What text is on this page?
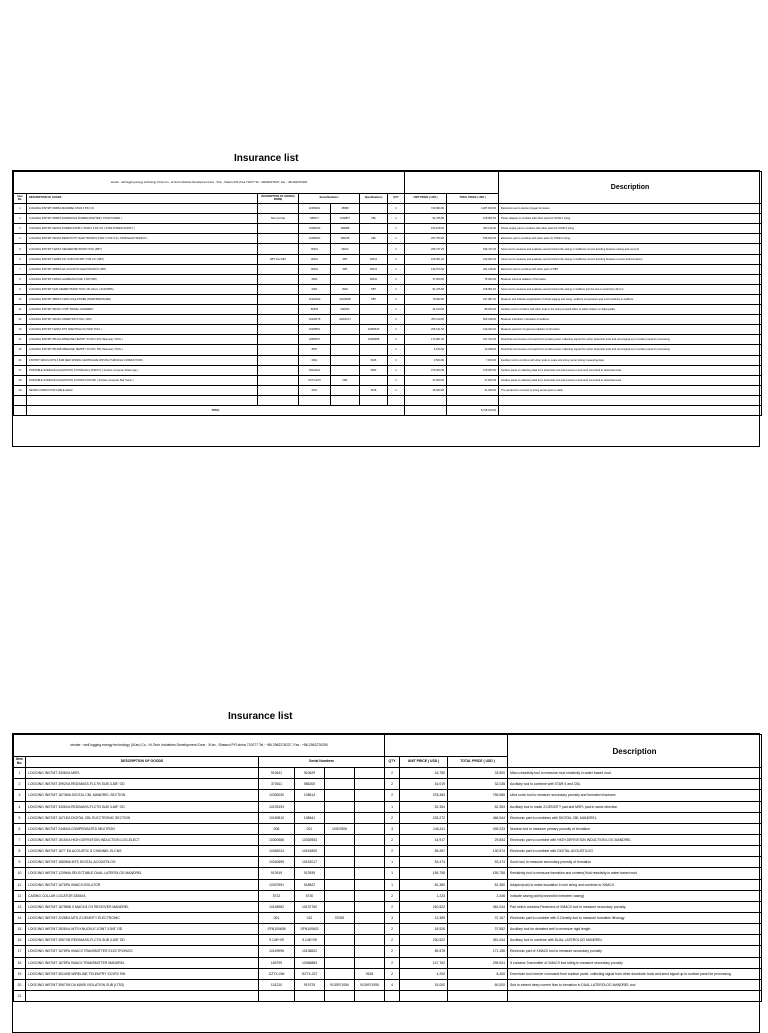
Insurance list
sender : well logging energy technology (Xi'an) Co., Hi-Tech Industries Development Zone , Xi'an , Shaanxi P.R.china 710077 Tel : +862962276227, Fax : +86-2962276290									Description
Item No.	DESCRIPTION OF GOODS	DESCRIPTION OF GOODS( PARM)	Serial Numbers		Specifications	QTY	UNIT PRICE ( USD )	TOTAL PRICE ( USD )	
1	LOGGING INSTMT 3308XA MANDREL STAR 3 5/8 O.D		10189031	38868		2	743,800.00	1,487,600.00	Resistivity tool to device (image) formation
2	LOGGING INSTMT 3308XA DOWNHOLE POWER ADAPTER ( STAR POWER )	Star tool Set	589077	1609877	CBL	2	54,475.80	108,951.60	Power adapter to combine with other parts for STAR II string
3	LOGGING INSTMT 3322XA POWER SUPPLY STAR II 3.63 O.D ( STAR POWER SUPPLY )		10185333	389088		2	150,108.00	300,216.00	Power supply part to combine with other parts for STAR II string
4	LOGGING INSTMT 3323XA RESISTIVITY ELECTRONICS STAR II 3.63 O.D ( STAR ELECTRONICS )		10185303	389078	CBL	2	267,750.00	535,500.00	Electronic part to combine with other parts for STAR II string
5	LOGGING INSTMT 1326XA SEGMENTED BOND TOOL (SBT)		09011	09012		2	269,737.20	539,474.40	Sonic tool to measure and evaluate cement behind the casing in wellbore( cement bonding between casing and cement)
6	LOGGING INSTMT 1328PA XXL SUB FOR SBT 3 5/8 O.D (SBT)	SBT Tool SET	09011	SBT	09012	2	106,951.20	213,902.40	Sonic tool to measure and evaluate cement behind the casing in wellbore( cement bonding between cement and formation)
7	LOGGING INSTMT 3308XA A/L ACOUSTIC ELECTRONICS (SBT)		09011	SBT	09012	2	130,574.00	261,148.00	Electronic part to combine with other parts of SBT
8	LOGGING INSTMT 1309XA GAMMA RAY(GR) 3 5/8 (SBT)		0803		08032	2	37,500.00	75,000.00	Measure Gamma radiation of formation
9	LOGGING INSTMT SLIM CEMENT BOND TOOL OD 43mm ( SLIM RBS)		0901	0902	SBT	2	54,475.80	108,951.60	Sonic tool to measure and evaluate cement behind the casing in wellbore just the tool is small size( 43mm)
10	LOGGING INSTMT 3985XA CWW HOLE PROBE (TEMP/PRESSURE)		10192299	10229538	SBT	2	78,993.60	157,987.20	Measure and indicate weight(load) of whole logging tool string, wellbore temperature and mud resistivity in wellbore
11	LOGGING INSTMT 3910XC 3 5/8" SWIVEL ASSEMBLY		86605	090002		2	44,100.00	88,200.00	Auxiliary tool to combine with other tools in the string to avoid effect of cable rotation on data quality
12	LOGGING INSTMT 4401XA ORIENTION TOOL ( DRI)		10200478	10202271		2	250,119.00	500,238.00	Measure inclination / deviation of wellbore
13	LOGGING INSTMT 1329XA NTS SPECTRALOG( NSR TOOL )		10298551		10280546	2	205,161.60	410,323.20	Measure spectrum of gamma radiation of formation
14	LOGGING INSTMT 3514XA WIRELINE TEMTRY XCVR II S/N (Telemetry TOOL )		10868297		10280908	2	173,851.00	347,702.00	Downhole tool receive command from surface panel, collecting signal from other downhole tools and send signal up to surface panel for processing
15	LOGGING INSTMT 3514XB WIRELINE TEMTRY XCVR II S/N (Telemetry TOOL )		8057			2	5,164.00	10,328.00	Downhole tool receive command from surface panel, collecting signal from other downhole tools and send signal up to surface panel for processing
16	CNSTMT 3301XA WTS 3.63M NEW SPRING CENTRALIZE W/PUSH THROUGH CONDUCTORS		0901		0916	2	3,500.00	7,000.00	Auxiliary tool to combine with other tools to make tool string center during measuring data
17	PORTABLE SURFACE ACQUISITION SYSTEM ECL (PSETO) ( Surface computer /Data rdgs )		10024101		0903	1	379,000.00	379,000.00	Surface panel to collecting data from downhole tool and process it and send command to downhole tools
18	PORTABLE SURFACE ACQUISITION SYSTEM FOR CBL ( Surface computer /Bar Sonic )		DCTO1/15	CBL		1	37,500.00	37,500.00	Surface panel to collecting data from downhole tool and process it and send command to downhole tools
19	SEVEN CONDUCTOR CABLE HEAD		6017		4518	2	15,600.00	31,200.00	The part(tool) to connect to string as last joint to cable

	TOTAL							5,378,610.00	
Insurance list
sender : well logging energy technology (Xi'an) Co., Hi-Tech Industries Development Zone , Xi'an , Shaanxi P.R.china 710077 Tel : +86 2962276227, Fax : +86-2962276290									Description
Item No.	DESCRIPTION OF GOODS	Serial Numbers				QTY	UNIT PRICE ( USD )	TOTAL PRICE ( USD )	
1	LOGGING INSTMT 3308XA MSFL	910611	910629			2	16,750	33,500	Micro-resistivity tool to measure mud resistivity in water based mud
2	LOGGING INSTMT 3992XA RED/MASS-FLCTN SUB 3-5/8" OD	370611	586200			2	16,019	32,038	Auxiliary tool to combine with STAR II and CBL
3	LOGGING INSTMT 1673MA DIGITAL CBL MANDREL SECTION	10330030	108614			2	378,483	756,966	Ultra sonic tool to measure secondary porosity and formation fractures
4	LOGGING INSTMT 3406XA RED/MASS-FLCTN SUB 3-5/8" OD	10193193				1	52,354	52,354	Auxiliary tool to make Z-DENSITY pad and MSFL pad in same direction
5	LOGGING INSTMT 1671EA DIGITAL CBL ELECTRONIC SECTION	10150810	108541			2	233,272	466,544	Electronic part to combines with DIGITAL CBL MANDREL
6	LOGGING INSTMT 2446XA COMPENSATED NEUTRON	008	021	10307806		3	146,411	439,233	Nuclear tool to measure primary porosity of formation
7	LOGGING INSTMT 1515XA HIGH DEFINITION INDUCTION LOG-ELECT	10300586	10330953			2	14,917	29,834	Electronic part to combine with HIGH DEFINITION INDUCTION LOG MANDREL
8	LOGGING INSTMT 1677 EA ACOUSTIC 8 CHANNEL ELCNS	10348224	10151809			2	65,287	130,574	Electronic part to combine with DIGITAL ACOUSTILOG
9	LOGGING INSTMT 1680MA MTS DIGITAL ACOUSTILOG	10240695	10152017			1	53,474	53,474	Sonic tool to measure secondary porosity of formation
10	LOGGING INSTMT 1239MA SELECTABLE DUAL LATEROLOG MANDREL	913919	913939			1	155,758	155,758	Resistivity tool to measure formation and content( fluid resistivity in water based mud
11	LOGGING INSTMT 1676PA XMACII ISOLATOR	10337591	518822			1	81,380	81,380	Adaptor(sub) to make insulation in tool string and combine to XMACII
12	CASING COLLAR LOCATOR 3308XA	5722	5730			2	1,223	2,446	Indicate casing point(connection between casing)
13	LOGGING INSTMT 1678MB X MACII 8 CH RECEIVER MANDREL	10148962	10137760			2	240,522	481,044	Part which contains Receivers of XMACII tool to measure secondary porosity
14	LOGGING INSTMT 2228EA MTS Z-DENSITY ELECTRONIC	001	012	37083		3	12,389	37,167	Electronic part to combine with Z-Density tool to measure formation lithology
15	LOGGING INSTMT 2828XA WTS KNUCKLE JOINT 3-5/8" OD	SFN100608	SFN100602			2	18,926	37,852	Auxiliary tool for deviated well to minimize rigid length
16	LOGGING INSTMT 3967XB RED/MASS-FLCTN SUB 3-5/8" OD	9.14E+09	9.14E+09			2	230,522	461,044	Auxiliary tool to combine with DUAL LATEROLOG MANDREL
17	LOGGING INSTMT 1678PA XMACII TRANSMITTER ELECTRONICS	10149996	10138602			2	85,578	171,156	Electronic part of XMACII tool to measure secondary porosity
18	LOGGING INSTMT 1678FA XMACII TRANSMITTER MANDREL	169799	10366883			2	147,762	295,524	It contains Transmitter of XMACII tool string to measure secondary porosity
19	LOGGING INSTMT 3514XB WIRELINE TELEMTRY XCVR3 S/N	GZTX-036	GZTX-027		0518	2	4,200	8,400	Downhole tool receive command from surface panel, collecting signal from other downhole tools and send signal up to surface panel for processing.
20	LOGGING INSTMT 3967XB DA MASK ISOLATION SUB (LT53)	101210	919725	9130971054	9130971055	4	15,000	60,000	Sub to extend deep current flow to formation in DUAL LATEROLOG MANDREL tool
21									
